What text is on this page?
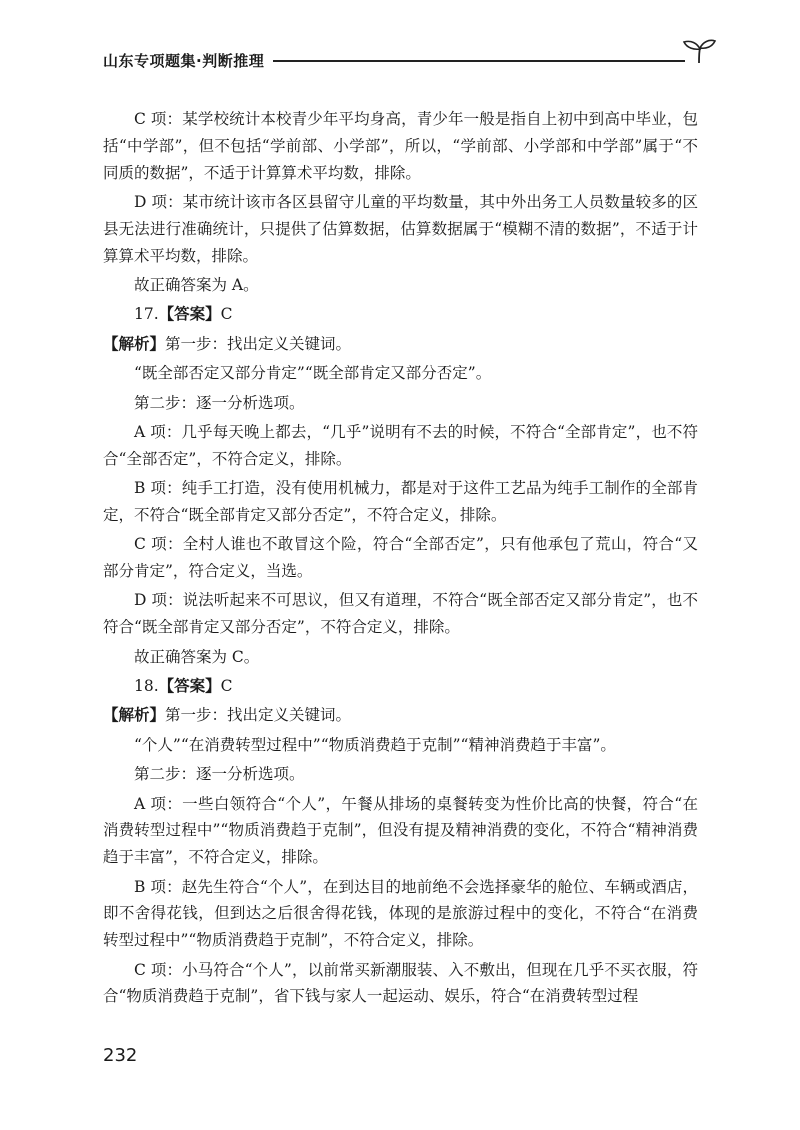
山东专项题集·判断推理

C 项：某学校统计本校青少年平均身高，青少年一般是指自上初中到高中毕业，包括“中学部”，但不包括“学前部、小学部”，所以，“学前部、小学部和中学部”属于“不同质的数据”，不适于计算算术平均数，排除。

D 项：某市统计该市各区县留守儿童的平均数量，其中外出务工人员数量较多的区县无法进行准确统计，只提供了估算数据，估算数据属于“模糊不清的数据”，不适于计算算术平均数，排除。

故正确答案为 A。

17.【答案】C

【解析】第一步：找出定义关键词。

“既全部否定又部分肯定”“既全部肯定又部分否定”。

第二步：逐一分析选项。

A 项：几乎每天晚上都去，“几乎”说明有不去的时候，不符合“全部肯定”，也不符合“全部否定”，不符合定义，排除。

B 项：纯手工打造，没有使用机械力，都是对于这件工艺品为纯手工制作的全部肯定，不符合“既全部肯定又部分否定”，不符合定义，排除。

C 项：全村人谁也不敢冒这个险，符合“全部否定”，只有他承包了荒山，符合“又部分肯定”，符合定义，当选。

D 项：说法听起来不可思议，但又有道理，不符合“既全部否定又部分肯定”，也不符合“既全部肯定又部分否定”，不符合定义，排除。

故正确答案为 C。

18.【答案】C

【解析】第一步：找出定义关键词。

“个人”“在消费转型过程中”“物质消费趋于克制”“精神消费趋于丰富”。

第二步：逐一分析选项。

A 项：一些白领符合“个人”，午餐从排场的桌餐转变为性价比高的快餐，符合“在消费转型过程中”“物质消费趋于克制”，但没有提及精神消费的变化，不符合“精神消费趋于丰富”，不符合定义，排除。

B 项：赵先生符合“个人”，在到达目的地前绝不会选择豪华的舱位、车辆或酒店，即不舍得花钱，但到达之后很舍得花钱，体现的是旅游过程中的变化，不符合“在消费转型过程中”“物质消费趋于克制”，不符合定义，排除。

C 项：小马符合“个人”，以前常买新潮服装、入不敷出，但现在几乎不买衣服，符合“物质消费趋于克制”，省下钱与家人一起运动、娱乐，符合“在消费转型过程

232
